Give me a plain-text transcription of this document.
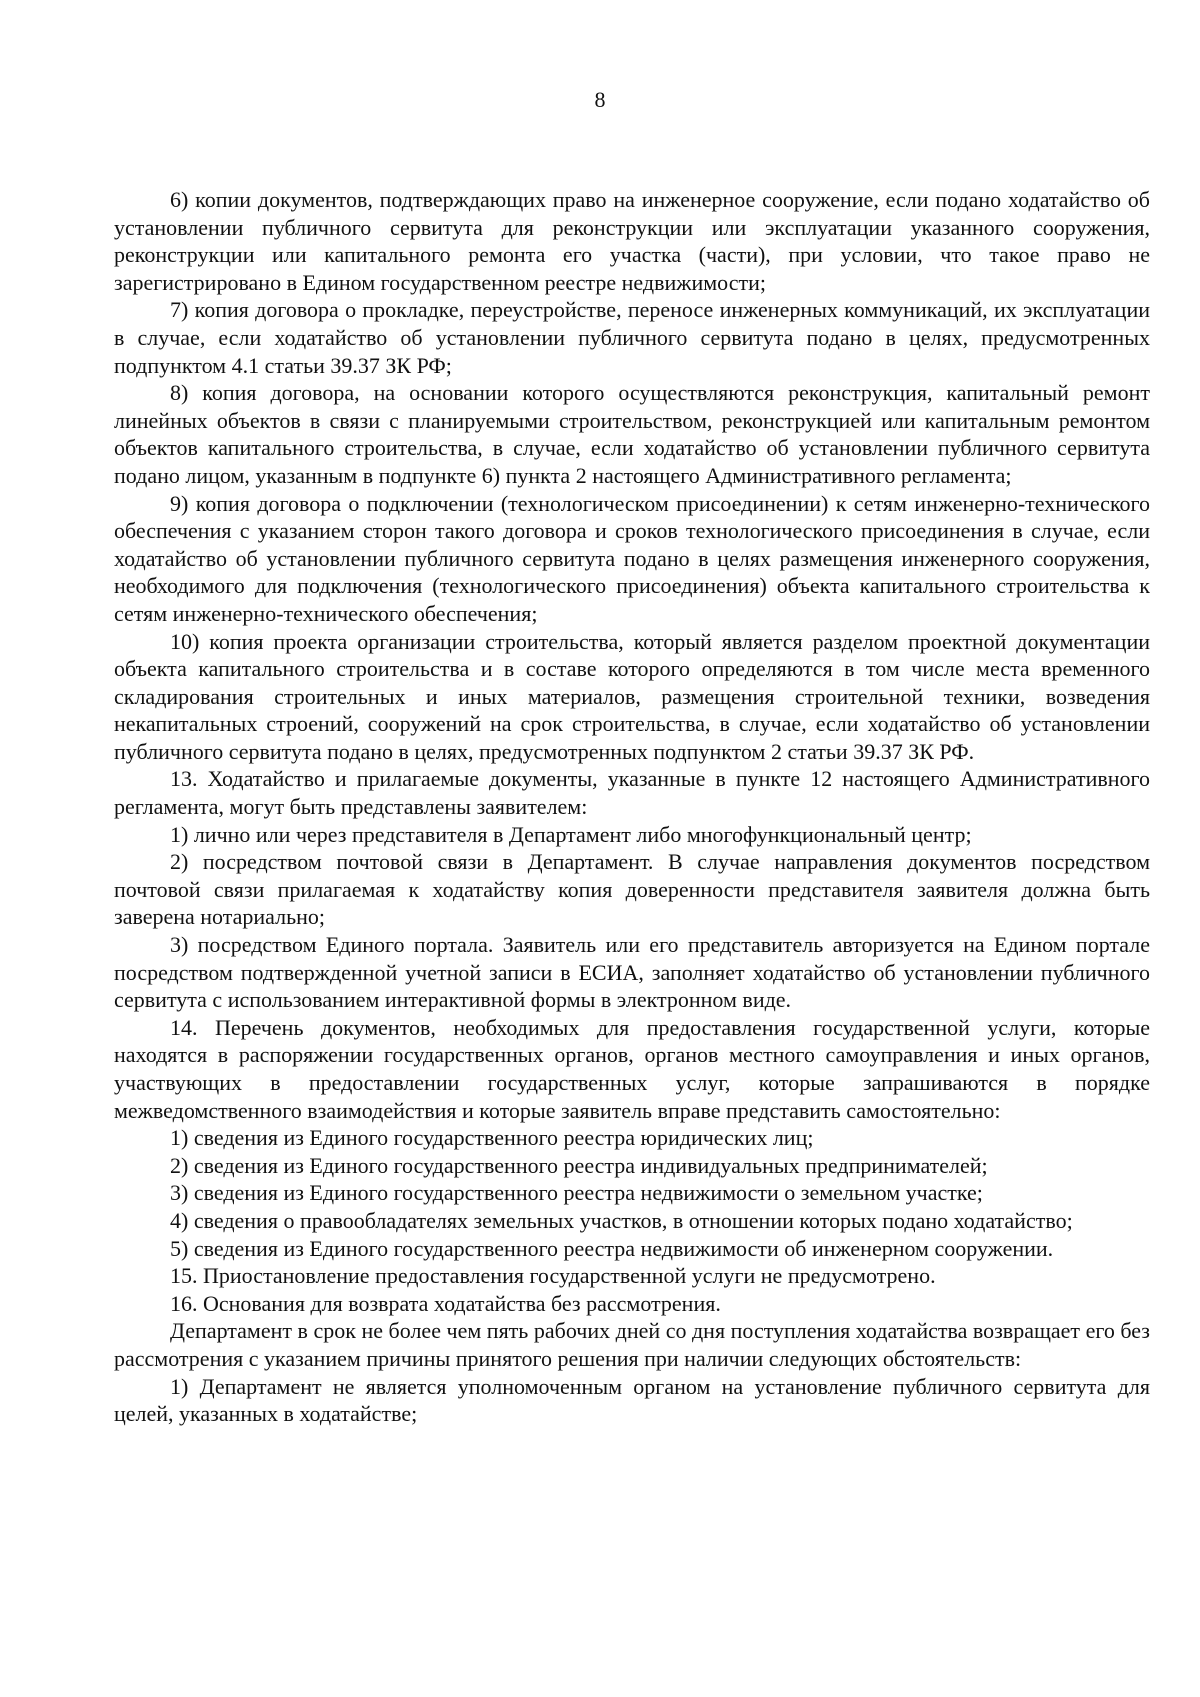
8

6) копии документов, подтверждающих право на инженерное сооружение, если подано ходатайство об установлении публичного сервитута для реконструкции или эксплуатации указанного сооружения, реконструкции или капитального ремонта его участка (части), при условии, что такое право не зарегистрировано в Едином государственном реестре недвижимости;

7) копия договора о прокладке, переустройстве, переносе инженерных коммуникаций, их эксплуатации в случае, если ходатайство об установлении публичного сервитута подано в целях, предусмотренных подпунктом 4.1 статьи 39.37 ЗК РФ;

8) копия договора, на основании которого осуществляются реконструкция, капитальный ремонт линейных объектов в связи с планируемыми строительством, реконструкцией или капитальным ремонтом объектов капитального строительства, в случае, если ходатайство об установлении публичного сервитута подано лицом, указанным в подпункте 6) пункта 2 настоящего Административного регламента;

9) копия договора о подключении (технологическом присоединении) к сетям инженерно-технического обеспечения с указанием сторон такого договора и сроков технологического присоединения в случае, если ходатайство об установлении публичного сервитута подано в целях размещения инженерного сооружения, необходимого для подключения (технологического присоединения) объекта капитального строительства к сетям инженерно-технического обеспечения;

10) копия проекта организации строительства, который является разделом проектной документации объекта капитального строительства и в составе которого определяются в том числе места временного складирования строительных и иных материалов, размещения строительной техники, возведения некапитальных строений, сооружений на срок строительства, в случае, если ходатайство об установлении публичного сервитута подано в целях, предусмотренных подпунктом 2 статьи 39.37 ЗК РФ.

13. Ходатайство и прилагаемые документы, указанные в пункте 12 настоящего Административного регламента, могут быть представлены заявителем:

1) лично или через представителя в Департамент либо многофункциональный центр;

2) посредством почтовой связи в Департамент. В случае направления документов посредством почтовой связи прилагаемая к ходатайству копия доверенности представителя заявителя должна быть заверена нотариально;

3) посредством Единого портала. Заявитель или его представитель авторизуется на Едином портале посредством подтвержденной учетной записи в ЕСИА, заполняет ходатайство об установлении публичного сервитута с использованием интерактивной формы в электронном виде.

14. Перечень документов, необходимых для предоставления государственной услуги, которые находятся в распоряжении государственных органов, органов местного самоуправления и иных органов, участвующих в предоставлении государственных услуг, которые запрашиваются в порядке межведомственного взаимодействия и которые заявитель вправе представить самостоятельно:

1) сведения из Единого государственного реестра юридических лиц;

2) сведения из Единого государственного реестра индивидуальных предпринимателей;

3) сведения из Единого государственного реестра недвижимости о земельном участке;

4) сведения о правообладателях земельных участков, в отношении которых подано ходатайство;

5) сведения из Единого государственного реестра недвижимости об инженерном сооружении.

15. Приостановление предоставления государственной услуги не предусмотрено.

16. Основания для возврата ходатайства без рассмотрения.

Департамент в срок не более чем пять рабочих дней со дня поступления ходатайства возвращает его без рассмотрения с указанием причины принятого решения при наличии следующих обстоятельств:

1) Департамент не является уполномоченным органом на установление публичного сервитута для целей, указанных в ходатайстве;
